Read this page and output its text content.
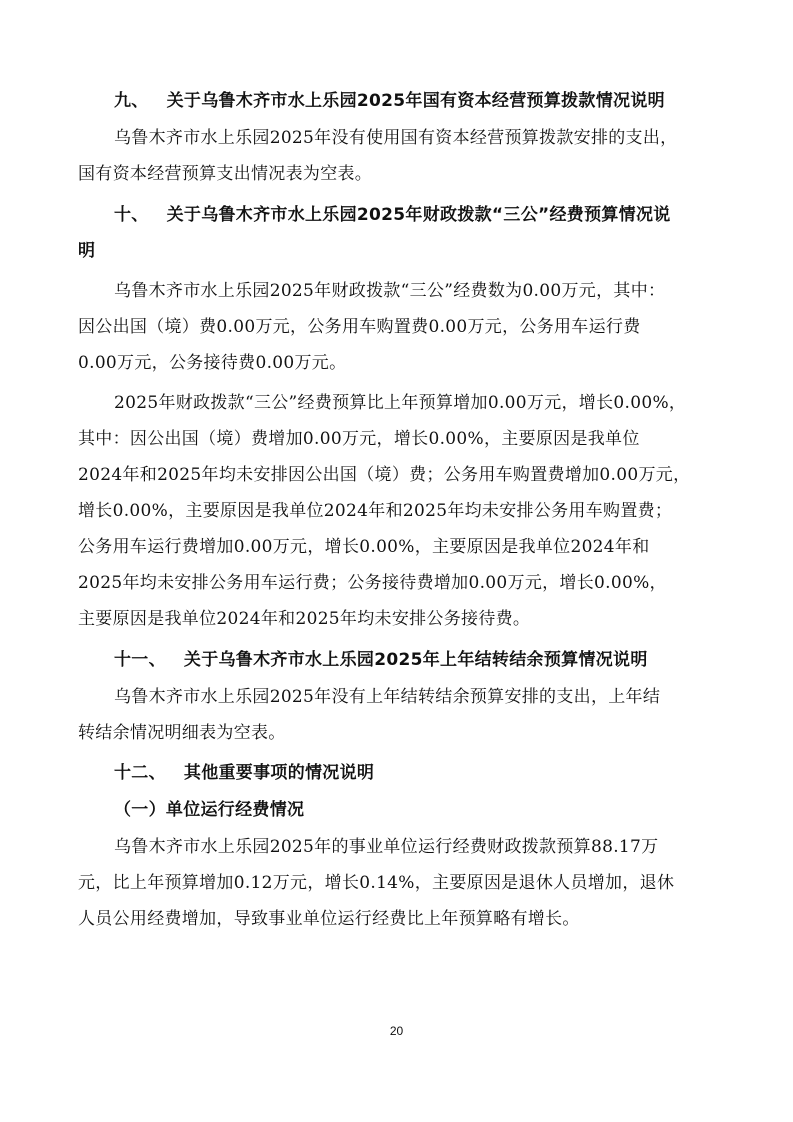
九、 关于乌鲁木齐市水上乐园2025年国有资本经营预算拨款情况说明

乌鲁木齐市水上乐园2025年没有使用国有资本经营预算拨款安排的支出，

国有资本经营预算支出情况表为空表。

十、 关于乌鲁木齐市水上乐园2025年财政拨款“三公”经费预算情况说

明

乌鲁木齐市水上乐园2025年财政拨款“三公”经费数为0.00万元，其中：

因公出国（境）费0.00万元，公务用车购置费0.00万元，公务用车运行费

0.00万元，公务接待费0.00万元。

2025年财政拨款“三公”经费预算比上年预算增加0.00万元，增长0.00%，

其中：因公出国（境）费增加0.00万元，增长0.00%，主要原因是我单位

2024年和2025年均未安排因公出国（境）费；公务用车购置费增加0.00万元，

增长0.00%，主要原因是我单位2024年和2025年均未安排公务用车购置费；

公务用车运行费增加0.00万元，增长0.00%，主要原因是我单位2024年和

2025年均未安排公务用车运行费；公务接待费增加0.00万元，增长0.00%，

主要原因是我单位2024年和2025年均未安排公务接待费。

十一、 关于乌鲁木齐市水上乐园2025年上年结转结余预算情况说明

乌鲁木齐市水上乐园2025年没有上年结转结余预算安排的支出，上年结

转结余情况明细表为空表。

十二、 其他重要事项的情况说明

（一）单位运行经费情况

乌鲁木齐市水上乐园2025年的事业单位运行经费财政拨款预算88.17万

元，比上年预算增加0.12万元，增长0.14%，主要原因是退休人员增加，退休

人员公用经费增加，导致事业单位运行经费比上年预算略有增长。

20
